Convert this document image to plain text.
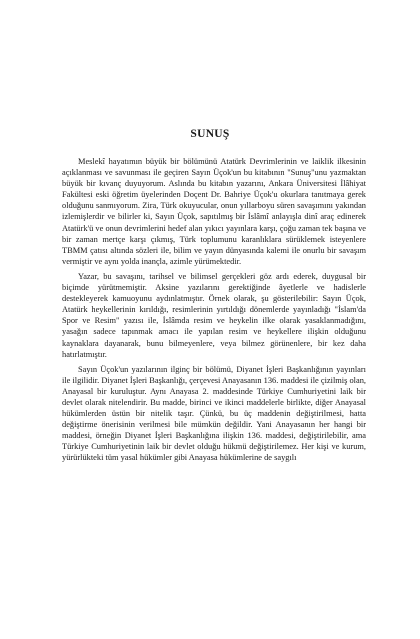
SUNUŞ

Meslekî hayatımın büyük bir bölümünü Atatürk Devrimlerinin ve laiklik ilkesinin açıklanması ve savunması ile geçiren Sayın Üçok'un bu kitabının "Sunuş"unu yazmaktan büyük bir kıvanç duyuyorum. Aslında bu kitabın yazarını, Ankara Üniversitesi İlâhiyat Fakültesi eski öğretim üyelerinden Doçent Dr. Bahriye Üçok'u okurlara tanıtmaya gerek olduğunu sanmıyorum. Zira, Türk okuyucular, onun yıllarboyu süren savaşımını yakından izlemişlerdir ve bilirler ki, Sayın Üçok, sapıtılmış bir İslâmî anlayışla dinî araç edinerek Atatürk'ü ve onun devrimlerini hedef alan yıkıcı yayınlara karşı, çoğu zaman tek başına ve bir zaman mertçe karşı çıkmış, Türk toplumunu karanlıklara sürüklemek isteyenlere TBMM çatısı altında sözleri ile, bilim ve yayın dünyasında kalemi ile onurlu bir savaşım vermiştir ve aynı yolda inançla, azimle yürümektedir.

Yazar, bu savaşını, tarihsel ve bilimsel gerçekleri göz ardı ederek, duygusal bir biçimde yürütmemiştir. Aksine yazılarını gerektiğinde âyetlerle ve hadislerle destekleyerek kamuoyunu aydınlatmıştır. Örnek olarak, şu gösterilebilir: Sayın Üçok, Atatürk heykellerinin kırıldığı, resimlerinin yırtıldığı dönemlerde yayınladığı "İslam'da Spor ve Resim" yazısı ile, İslâmda resim ve heykelin ilke olarak yasaklanmadığını, yasağın sadece tapınmak amacı ile yapılan resim ve heykellere ilişkin olduğunu kaynaklara dayanarak, bunu bilmeyenlere, veya bilmez görünenlere, bir kez daha hatırlatmıştır.

Sayın Üçok'un yazılarının ilginç bir bölümü, Diyanet İşleri Başkanlığının yayınları ile ilgilidir. Diyanet İşleri Başkanlığı, çerçevesi Anayasanın 136. maddesi ile çizilmiş olan, Anayasal bir kuruluştur. Aynı Anayasa 2. maddesinde Türkiye Cumhuriyetini laik bir devlet olarak nitelendirir. Bu madde, birinci ve ikinci maddelerle birlikte, diğer Anayasal hükümlerden üstün bir nitelik taşır. Çünkü, bu üç maddenin değiştirilmesi, hatta değiştirme önerisinin verilmesi bile mümkün değildir. Yani Anayasanın her hangi bir maddesi, örneğin Diyanet İşleri Başkanlığına ilişkin 136. maddesi, değiştirilebilir, ama Türkiye Cumhuriyetinin laik bir devlet olduğu hükmü değiştirilemez. Her kişi ve kurum, yürürlükteki tüm yasal hükümler gibi Anayasa hükümlerine de saygılı
